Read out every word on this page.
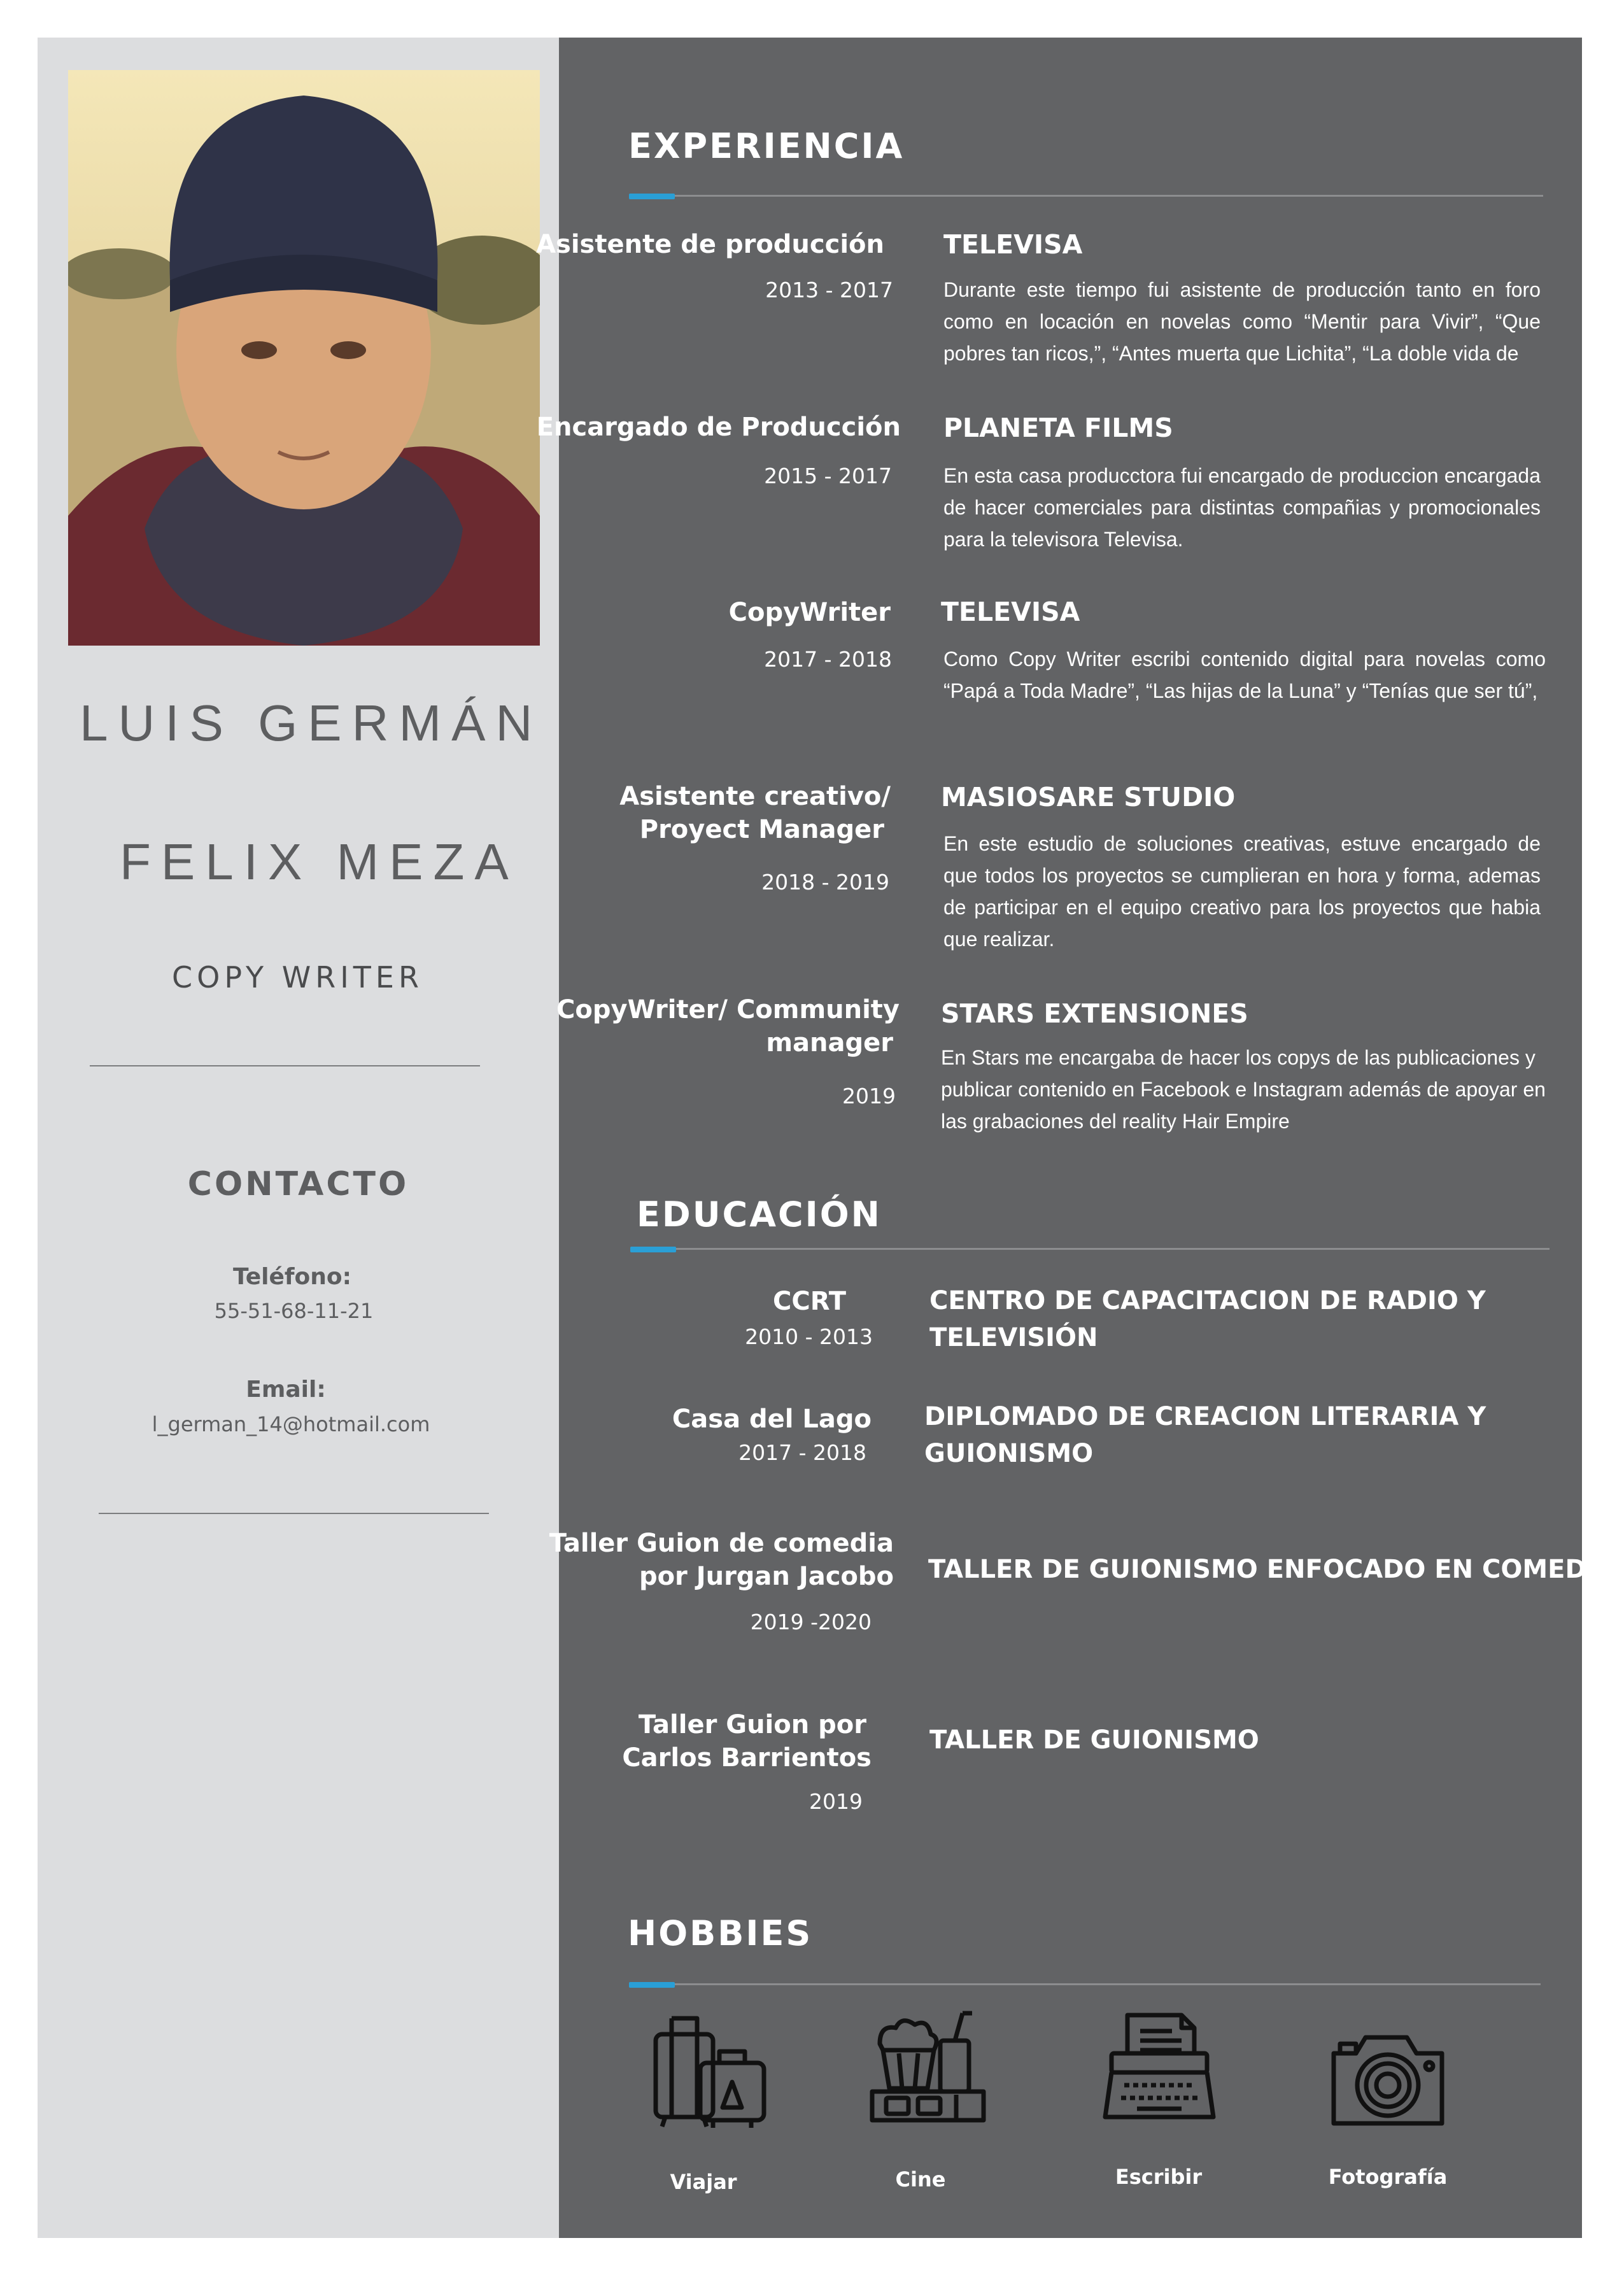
LUIS GERMÁN
FELIX MEZA
COPY WRITER
CONTACTO
Teléfono:
55-51-68-11-21
Email:
l_german_14@hotmail.com
EXPERIENCIA
Asistente de producción
2013 - 2017
TELEVISA
Durante este tiempo fui asistente de producción tanto en foro como en locación en novelas como “Mentir para Vivir”, “Que pobres tan ricos,”, “Antes muerta que Lichita”, “La doble vida de
Encargado de Producción
2015 - 2017
PLANETA FILMS
En esta casa producctora fui encargado de produccion encargada de hacer comerciales para distintas compañias y promocionales para la televisora Televisa.
CopyWriter
2017 - 2018
TELEVISA
Como Copy Writer escribi contenido digital para novelas como “Papá a Toda Madre”, “Las hijas de la Luna” y “Tenías que ser tú”,
Asistente creativo/
Proyect Manager
2018 - 2019
MASIOSARE STUDIO
En este estudio de soluciones creativas, estuve encargado de que todos los proyectos se cumplieran en hora y forma, ademas de participar en el equipo creativo para los proyectos que habia que realizar.
CopyWriter/ Community
manager
2019
STARS EXTENSIONES
En Stars me encargaba de hacer los copys de las publicaciones y publicar contenido en Facebook e Instagram además de apoyar en las grabaciones del reality Hair Empire
EDUCACIÓN
CCRT
2010 - 2013
CENTRO DE CAPACITACION DE RADIO Y TELEVISIÓN
Casa del Lago
2017 - 2018
DIPLOMADO DE CREACION LITERARIA Y GUIONISMO
Taller Guion de comedia
por Jurgan Jacobo
2019 -2020
TALLER DE GUIONISMO ENFOCADO EN COMEDIA
Taller Guion por
Carlos Barrientos
2019
TALLER DE GUIONISMO
HOBBIES
Viajar	Cine	Escribir	Fotografía
